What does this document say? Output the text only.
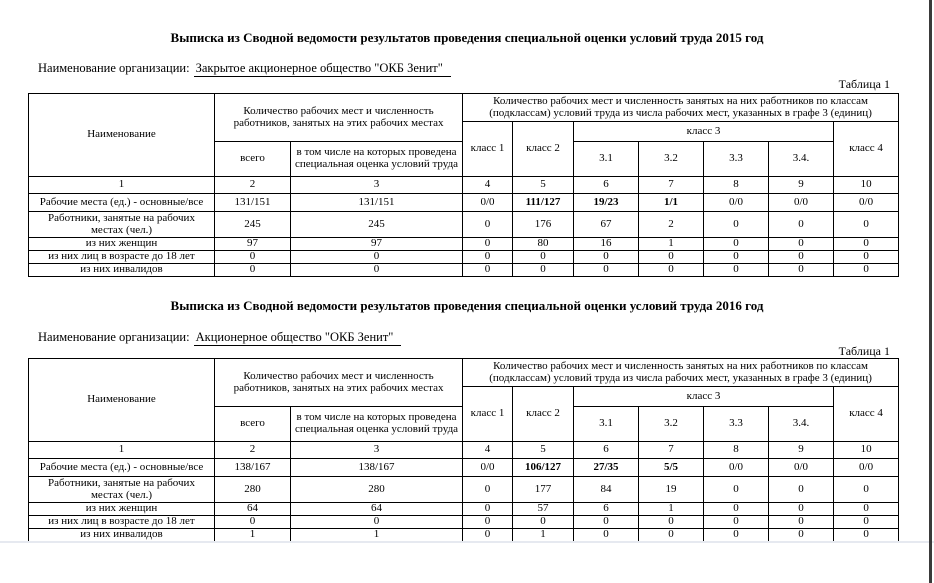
Выписка из Сводной ведомости результатов проведения специальной оценки условий труда 2015 год
Наименование организации: Закрытое акционерное общество "ОКБ Зенит"
Таблица 1
Наименование	Количество рабочих мест и численность работников, занятых на этих рабочих местах		Количество рабочих мест и численность занятых на них работников по классам (подклассам) условий труда из числа рабочих мест, указанных в графе 3 (единиц)						
			класс 1	класс 2	класс 3				класс 4
	всего	в том числе на которых проведена специальная оценка условий труда			3.1	3.2	3.3	3.4.	
1	2	3	4	5	6	7	8	9	10
Рабочие места (ед.) - основные/все	131/151	131/151	0/0	111/127	19/23	1/1	0/0	0/0	0/0
Работники, занятые на рабочих местах (чел.)	245	245	0	176	67	2	0	0	0
из них женщин	97	97	0	80	16	1	0	0	0
из них лиц в возрасте до 18 лет	0	0	0	0	0	0	0	0	0
из них инвалидов	0	0	0	0	0	0	0	0	0
Выписка из Сводной ведомости результатов проведения специальной оценки условий труда 2016 год
Наименование организации: Акционерное общество "ОКБ Зенит"
Таблица 1
Наименование	Количество рабочих мест и численность работников, занятых на этих рабочих местах		Количество рабочих мест и численность занятых на них работников по классам (подклассам) условий труда из числа рабочих мест, указанных в графе 3 (единиц)						
			класс 1	класс 2	класс 3				класс 4
	всего	в том числе на которых проведена специальная оценка условий труда			3.1	3.2	3.3	3.4.	
1	2	3	4	5	6	7	8	9	10
Рабочие места (ед.) - основные/все	138/167	138/167	0/0	106/127	27/35	5/5	0/0	0/0	0/0
Работники, занятые на рабочих местах (чел.)	280	280	0	177	84	19	0	0	0
из них женщин	64	64	0	57	6	1	0	0	0
из них лиц в возрасте до 18 лет	0	0	0	0	0	0	0	0	0
из них инвалидов	1	1	0	1	0	0	0	0	0
